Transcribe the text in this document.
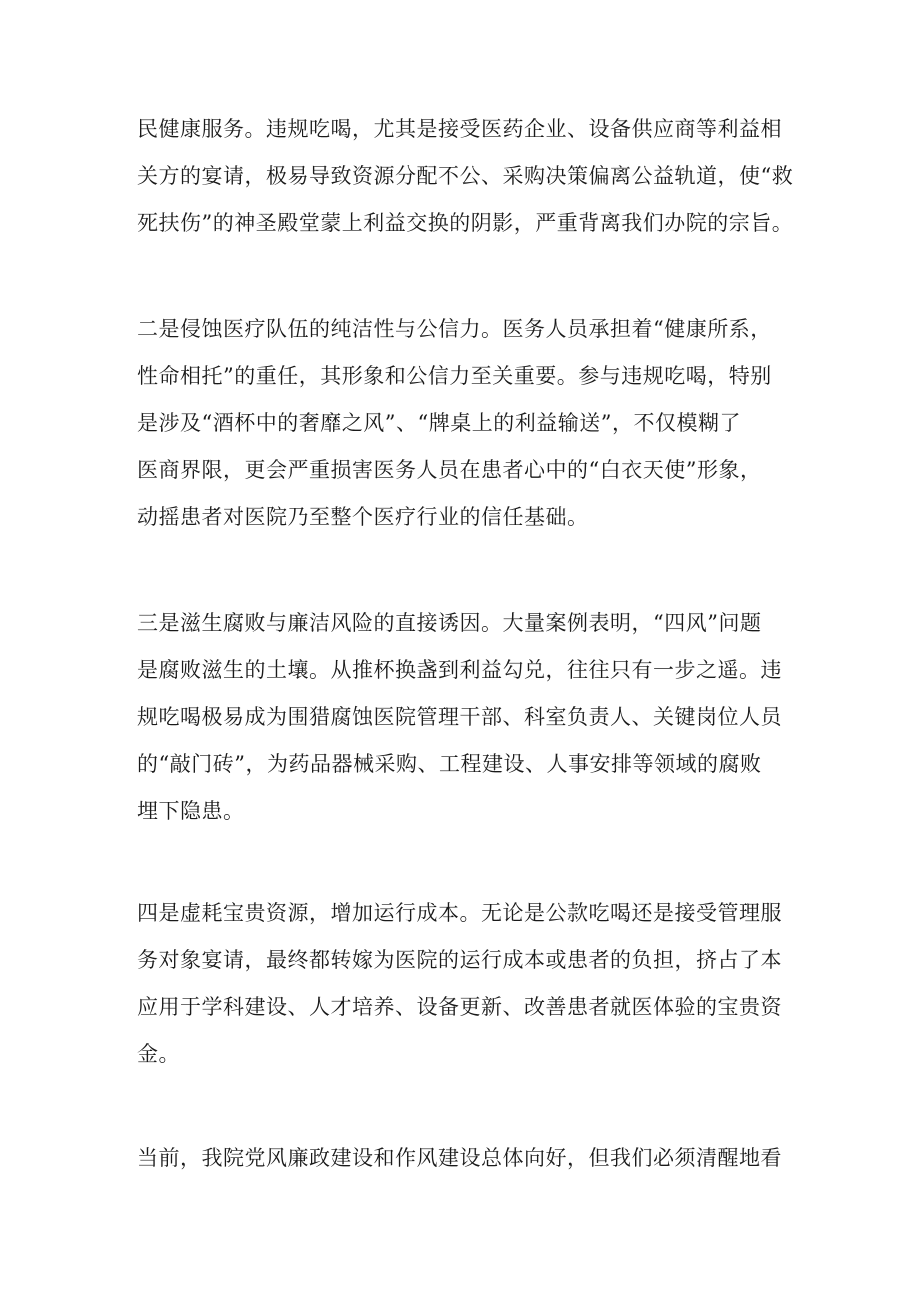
民健康服务。违规吃喝，尤其是接受医药企业、设备供应商等利益相
关方的宴请，极易导致资源分配不公、采购决策偏离公益轨道，使“救
死扶伤”的神圣殿堂蒙上利益交换的阴影，严重背离我们办院的宗旨。

二是侵蚀医疗队伍的纯洁性与公信力。医务人员承担着“健康所系，
性命相托”的重任，其形象和公信力至关重要。参与违规吃喝，特别
是涉及“酒杯中的奢靡之风”、“牌桌上的利益输送”，不仅模糊了
医商界限，更会严重损害医务人员在患者心中的“白衣天使”形象，
动摇患者对医院乃至整个医疗行业的信任基础。

三是滋生腐败与廉洁风险的直接诱因。大量案例表明，“四风”问题
是腐败滋生的土壤。从推杯换盏到利益勾兑，往往只有一步之遥。违
规吃喝极易成为围猎腐蚀医院管理干部、科室负责人、关键岗位人员
的“敲门砖”，为药品器械采购、工程建设、人事安排等领域的腐败
埋下隐患。

四是虚耗宝贵资源，增加运行成本。无论是公款吃喝还是接受管理服
务对象宴请，最终都转嫁为医院的运行成本或患者的负担，挤占了本
应用于学科建设、人才培养、设备更新、改善患者就医体验的宝贵资
金。

当前，我院党风廉政建设和作风建设总体向好，但我们必须清醒地看
